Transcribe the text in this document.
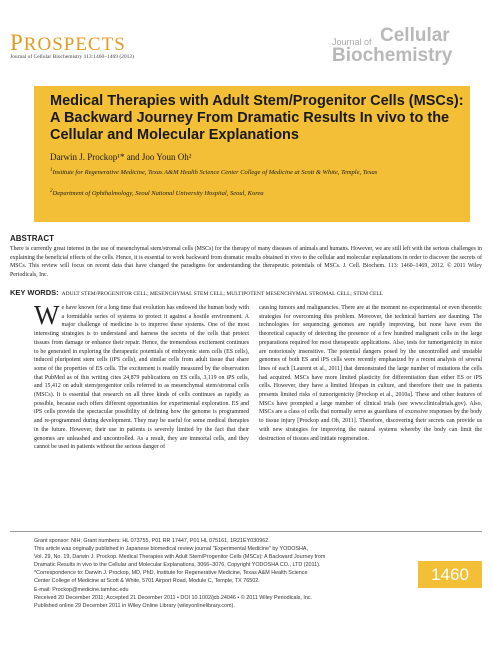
PROSPECTS
Journal of Cellular Biochemistry 113:1460–1469 (2012)
Journal of Cellular
Biochemistry
Medical Therapies with Adult Stem/Progenitor Cells (MSCs): A Backward Journey From Dramatic Results In vivo to the Cellular and Molecular Explanations
Darwin J. Prockop¹* and Joo Youn Oh²
$^1$Institute for Regenerative Medicine, Texas A&M Health Science Center College of Medicine at Scott & White, Temple, Texas
$^2$Department of Ophthalmology, Seoul National University Hospital, Seoul, Korea
ABSTRACT
There is currently great interest in the use of mesenchymal stem/stromal cells (MSCs) for the therapy of many diseases of animals and humans. However, we are still left with the serious challenges in explaining the beneficial effects of the cells. Hence, it is essential to work backward from dramatic results obtained in vivo to the cellular and molecular explanations in order to discover the secrets of MSCs. This review will focus on recent data that have changed the paradigms for understanding the therapeutic potentials of MSCs. J. Cell. Biochem. 113: 1460–1469, 2012. © 2011 Wiley Periodicals, Inc.
KEY WORDS: ADULT STEM/PROGENITOR CELL; MESENCHYMAL STEM CELL; MULTIPOTENT MESENCHYMAL STROMAL CELL; STEM CELL
We have known for a long time that evolution has endowed the human body with a formidable series of systems to protect it against a hostile environment. A major challenge of medicine is to improve these systems. One of the most interesting strategies is to understand and harness the secrets of the cells that protect tissues from damage or enhance their repair. Hence, the tremendous excitement continues to be generated in exploring the therapeutic potentials of embryonic stem cells (ES cells), induced pluripotent stem cells (iPS cells), and similar cells from adult tissue that share some of the properties of ES cells. The excitement is readily measured by the observation that PubMed as of this writing cites 24,879 publications on ES cells, 3,119 on iPS cells, and 15,412 on adult stem/progenitor cells referred to as mesenchymal stem/stromal cells (MSCs). It is essential that research on all three kinds of cells continues as rapidly as possible, because each offers different opportunities for experimental exploration. ES and iPS cells provide the spectacular possibility of defining how the genome is programmed and re-programmed during development. They may be useful for some medical therapies in the future. However, their use in patients is severely limited by the fact that their genomes are unleashed and uncontrolled. As a result, they are immortal cells, and they cannot be used in patients without the serious danger of
causing tumors and malignancies. There are at the moment no experimental or even theoretic strategies for overcoming this problem. Moreover, the technical barriers are daunting. The technologies for sequencing genomes are rapidly improving, but none have even the theoretical capacity of detecting the presence of a few hundred malignant cells in the large preparations required for most therapeutic applications. Also, tests for tumorigenicity in mice are notoriously insensitive. The potential dangers posed by the uncontrolled and unstable genomes of both ES and iPS cells were recently emphasized by a recent analysis of several lines of each [Laurent et al., 2011] that demonstrated the large number of mutations the cells had acquired. MSCs have more limited plasticity for differentiation than either ES or iPS cells. However, they have a limited lifespan in culture, and therefore their use in patients presents limited risks of tumorigenicity [Prockop et al., 2010a]. These and other features of MSCs have prompted a large number of clinical trials (see www.clinicaltrials.gov). Also, MSCs are a class of cells that normally serve as guardians of excessive responses by the body to tissue injury [Prockop and Oh, 2011]. Therefore, discovering their secrets can provide us with new strategies for improving the natural systems whereby the body can limit the destruction of tissues and initiate regeneration.
Grant sponsor: NIH; Grant numbers: HL 073755, P01 RR 17447, P01 HL 075161, 1R21EY030962.
This article was originally published in Japanese biomedical review journal "Experimental Medicine" by YODOSHA,
Vol. 29, No. 19, Darwin J. Prockop. Medical Therapies with Adult Stem/Progenitor Cells (MSCs): A Backward Journey from
Dramatic Results in vivo to the Cellular and Molecular Explanations, 3066–3076, Copyright YODOSHA CO., LTD (2011).
*Correspondence to: Darwin J. Prockop, MD, PhD, Institute for Regenerative Medicine, Texas A&M Health Science
Center College of Medicine at Scott & White, 5701 Airport Road, Module C, Temple, TX 76502.
E-mail: Prockop@medicine.tamhsc.edu
Received 20 December 2011; Accepted 21 December 2011 • DOI 10.1002/jcb.24046 • © 2011 Wiley Periodicals, Inc.
Published online 29 December 2011 in Wiley Online Library (wileyonlinelibrary.com).
1460
